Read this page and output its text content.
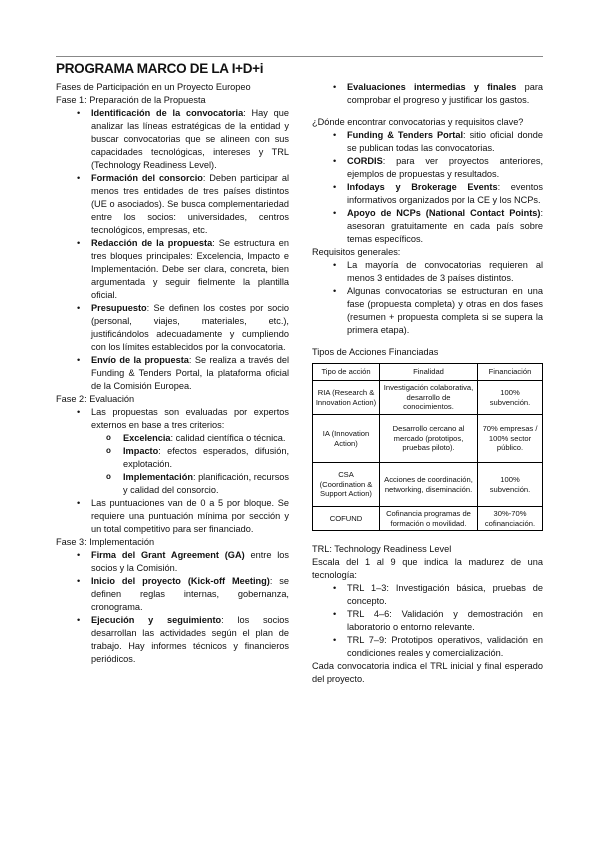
PROGRAMA MARCO DE LA I+D+i

Fases de Participación en un Proyecto Europeo

Fase 1: Preparación de la Propuesta

• Identificación de la convocatoria: Hay que analizar las líneas estratégicas de la entidad y buscar convocatorias que se alineen con sus capacidades tecnológicas, intereses y TRL (Technology Readiness Level).
• Formación del consorcio: Deben participar al menos tres entidades de tres países distintos (UE o asociados). Se busca complementariedad entre los socios: universidades, centros tecnológicos, empresas, etc.
• Redacción de la propuesta: Se estructura en tres bloques principales: Excelencia, Impacto e Implementación. Debe ser clara, concreta, bien argumentada y seguir fielmente la plantilla oficial.
• Presupuesto: Se definen los costes por socio (personal, viajes, materiales, etc.), justificándolos adecuadamente y cumpliendo con los límites establecidos por la convocatoria.
• Envío de la propuesta: Se realiza a través del Funding & Tenders Portal, la plataforma oficial de la Comisión Europea.

Fase 2: Evaluación

• Las propuestas son evaluadas por expertos externos en base a tres criterios:
o Excelencia: calidad científica o técnica.
o Impacto: efectos esperados, difusión, explotación.
o Implementación: planificación, recursos y calidad del consorcio.
• Las puntuaciones van de 0 a 5 por bloque. Se requiere una puntuación mínima por sección y un total competitivo para ser financiado.

Fase 3: Implementación

• Firma del Grant Agreement (GA) entre los socios y la Comisión.
• Inicio del proyecto (Kick-off Meeting): se definen reglas internas, gobernanza, cronograma.
• Ejecución y seguimiento: los socios desarrollan las actividades según el plan de trabajo. Hay informes técnicos y financieros periódicos.
• Evaluaciones intermedias y finales para comprobar el progreso y justificar los gastos.

¿Dónde encontrar convocatorias y requisitos clave?

• Funding & Tenders Portal: sitio oficial donde se publican todas las convocatorias.
• CORDIS: para ver proyectos anteriores, ejemplos de propuestas y resultados.
• Infodays y Brokerage Events: eventos informativos organizados por la CE y los NCPs.
• Apoyo de NCPs (National Contact Points): asesoran gratuitamente en cada país sobre temas específicos.

Requisitos generales:

• La mayoría de convocatorias requieren al menos 3 entidades de 3 países distintos.
• Algunas convocatorias se estructuran en una fase (propuesta completa) y otras en dos fases (resumen + propuesta completa si se supera la primera etapa).

Tipos de Acciones Financiadas

Tipo de acción	Finalidad	Financiación
RIA (Research & Innovation Action)	Investigación colaborativa, desarrollo de conocimientos.	100% subvención.
IA (Innovation Action)	Desarrollo cercano al mercado (prototipos, pruebas piloto).	70% empresas / 100% sector público.
CSA (Coordination & Support Action)	Acciones de coordinación, networking, diseminación.	100% subvención.
COFUND	Cofinancia programas de formación o movilidad.	30%-70% cofinanciación.

TRL: Technology Readiness Level

Escala del 1 al 9 que indica la madurez de una tecnología:

• TRL 1–3: Investigación básica, pruebas de concepto.
• TRL 4–6: Validación y demostración en laboratorio o entorno relevante.
• TRL 7–9: Prototipos operativos, validación en condiciones reales y comercialización.

Cada convocatoria indica el TRL inicial y final esperado del proyecto.
